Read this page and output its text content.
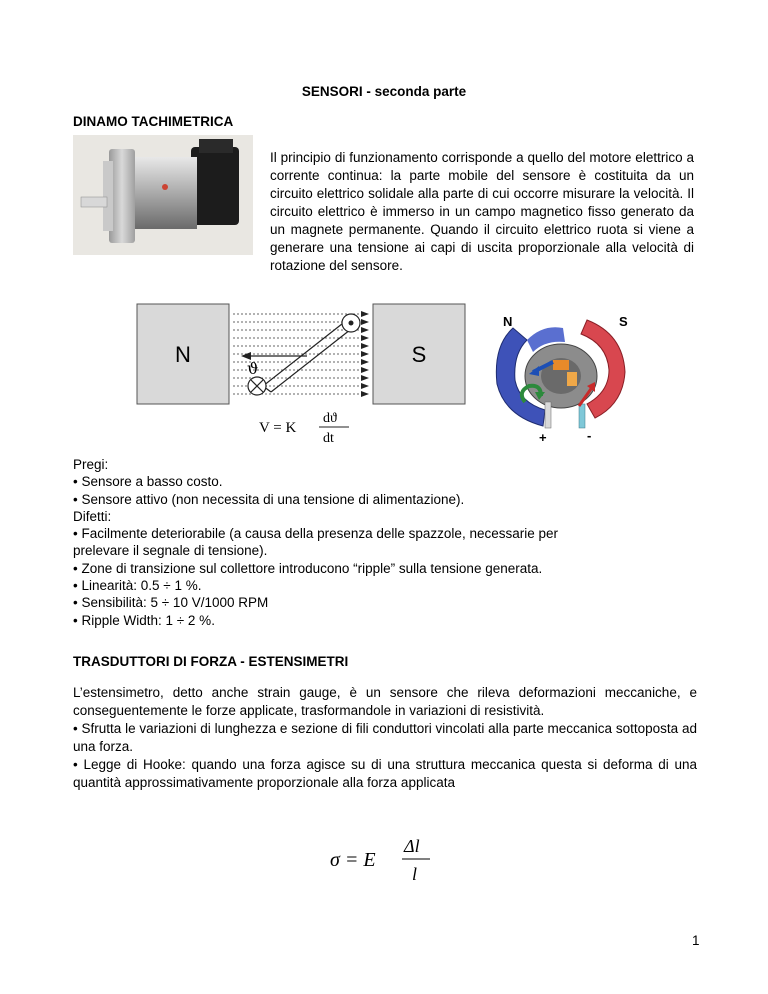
SENSORI - seconda parte
DINAMO TACHIMETRICA
Il principio di funzionamento corrisponde a quello del motore elettrico a corrente continua: la parte mobile del sensore è costituita da un circuito elettrico solidale alla parte di cui occorre misurare la velocità. Il circuito elettrico è immerso in un campo magnetico fisso generato da un magnete permanente. Quando il circuito elettrico ruota si viene a generare una tensione ai capi di uscita proporzionale alla velocità di rotazione del sensore.
N	S
ϑ
V = K
dϑ
dt
N	S
+	-
Pregi:
• Sensore a basso costo.
• Sensore attivo (non necessita di una tensione di alimentazione).
Difetti:
• Facilmente deteriorabile (a causa della presenza delle spazzole, necessarie per
prelevare il segnale di tensione).
• Zone di transizione sul collettore introducono “ripple” sulla tensione generata.
• Linearità: 0.5 ÷ 1 %.
• Sensibilità: 5 ÷ 10 V/1000 RPM
• Ripple Width: 1 ÷ 2 %.
TRASDUTTORI DI FORZA - ESTENSIMETRI

L’estensimetro, detto anche strain gauge, è un sensore che rileva deformazioni meccaniche, e conseguentemente le forze applicate, trasformandole in variazioni di resistività.

• Sfrutta le variazioni di lunghezza e sezione di fili conduttori vincolati alla parte meccanica sottoposta ad una forza.

• Legge di Hooke: quando una forza agisce su di una struttura meccanica questa si deforma di una quantità approssimativamente proporzionale alla forza applicata

σ = E
Δl
l
1
